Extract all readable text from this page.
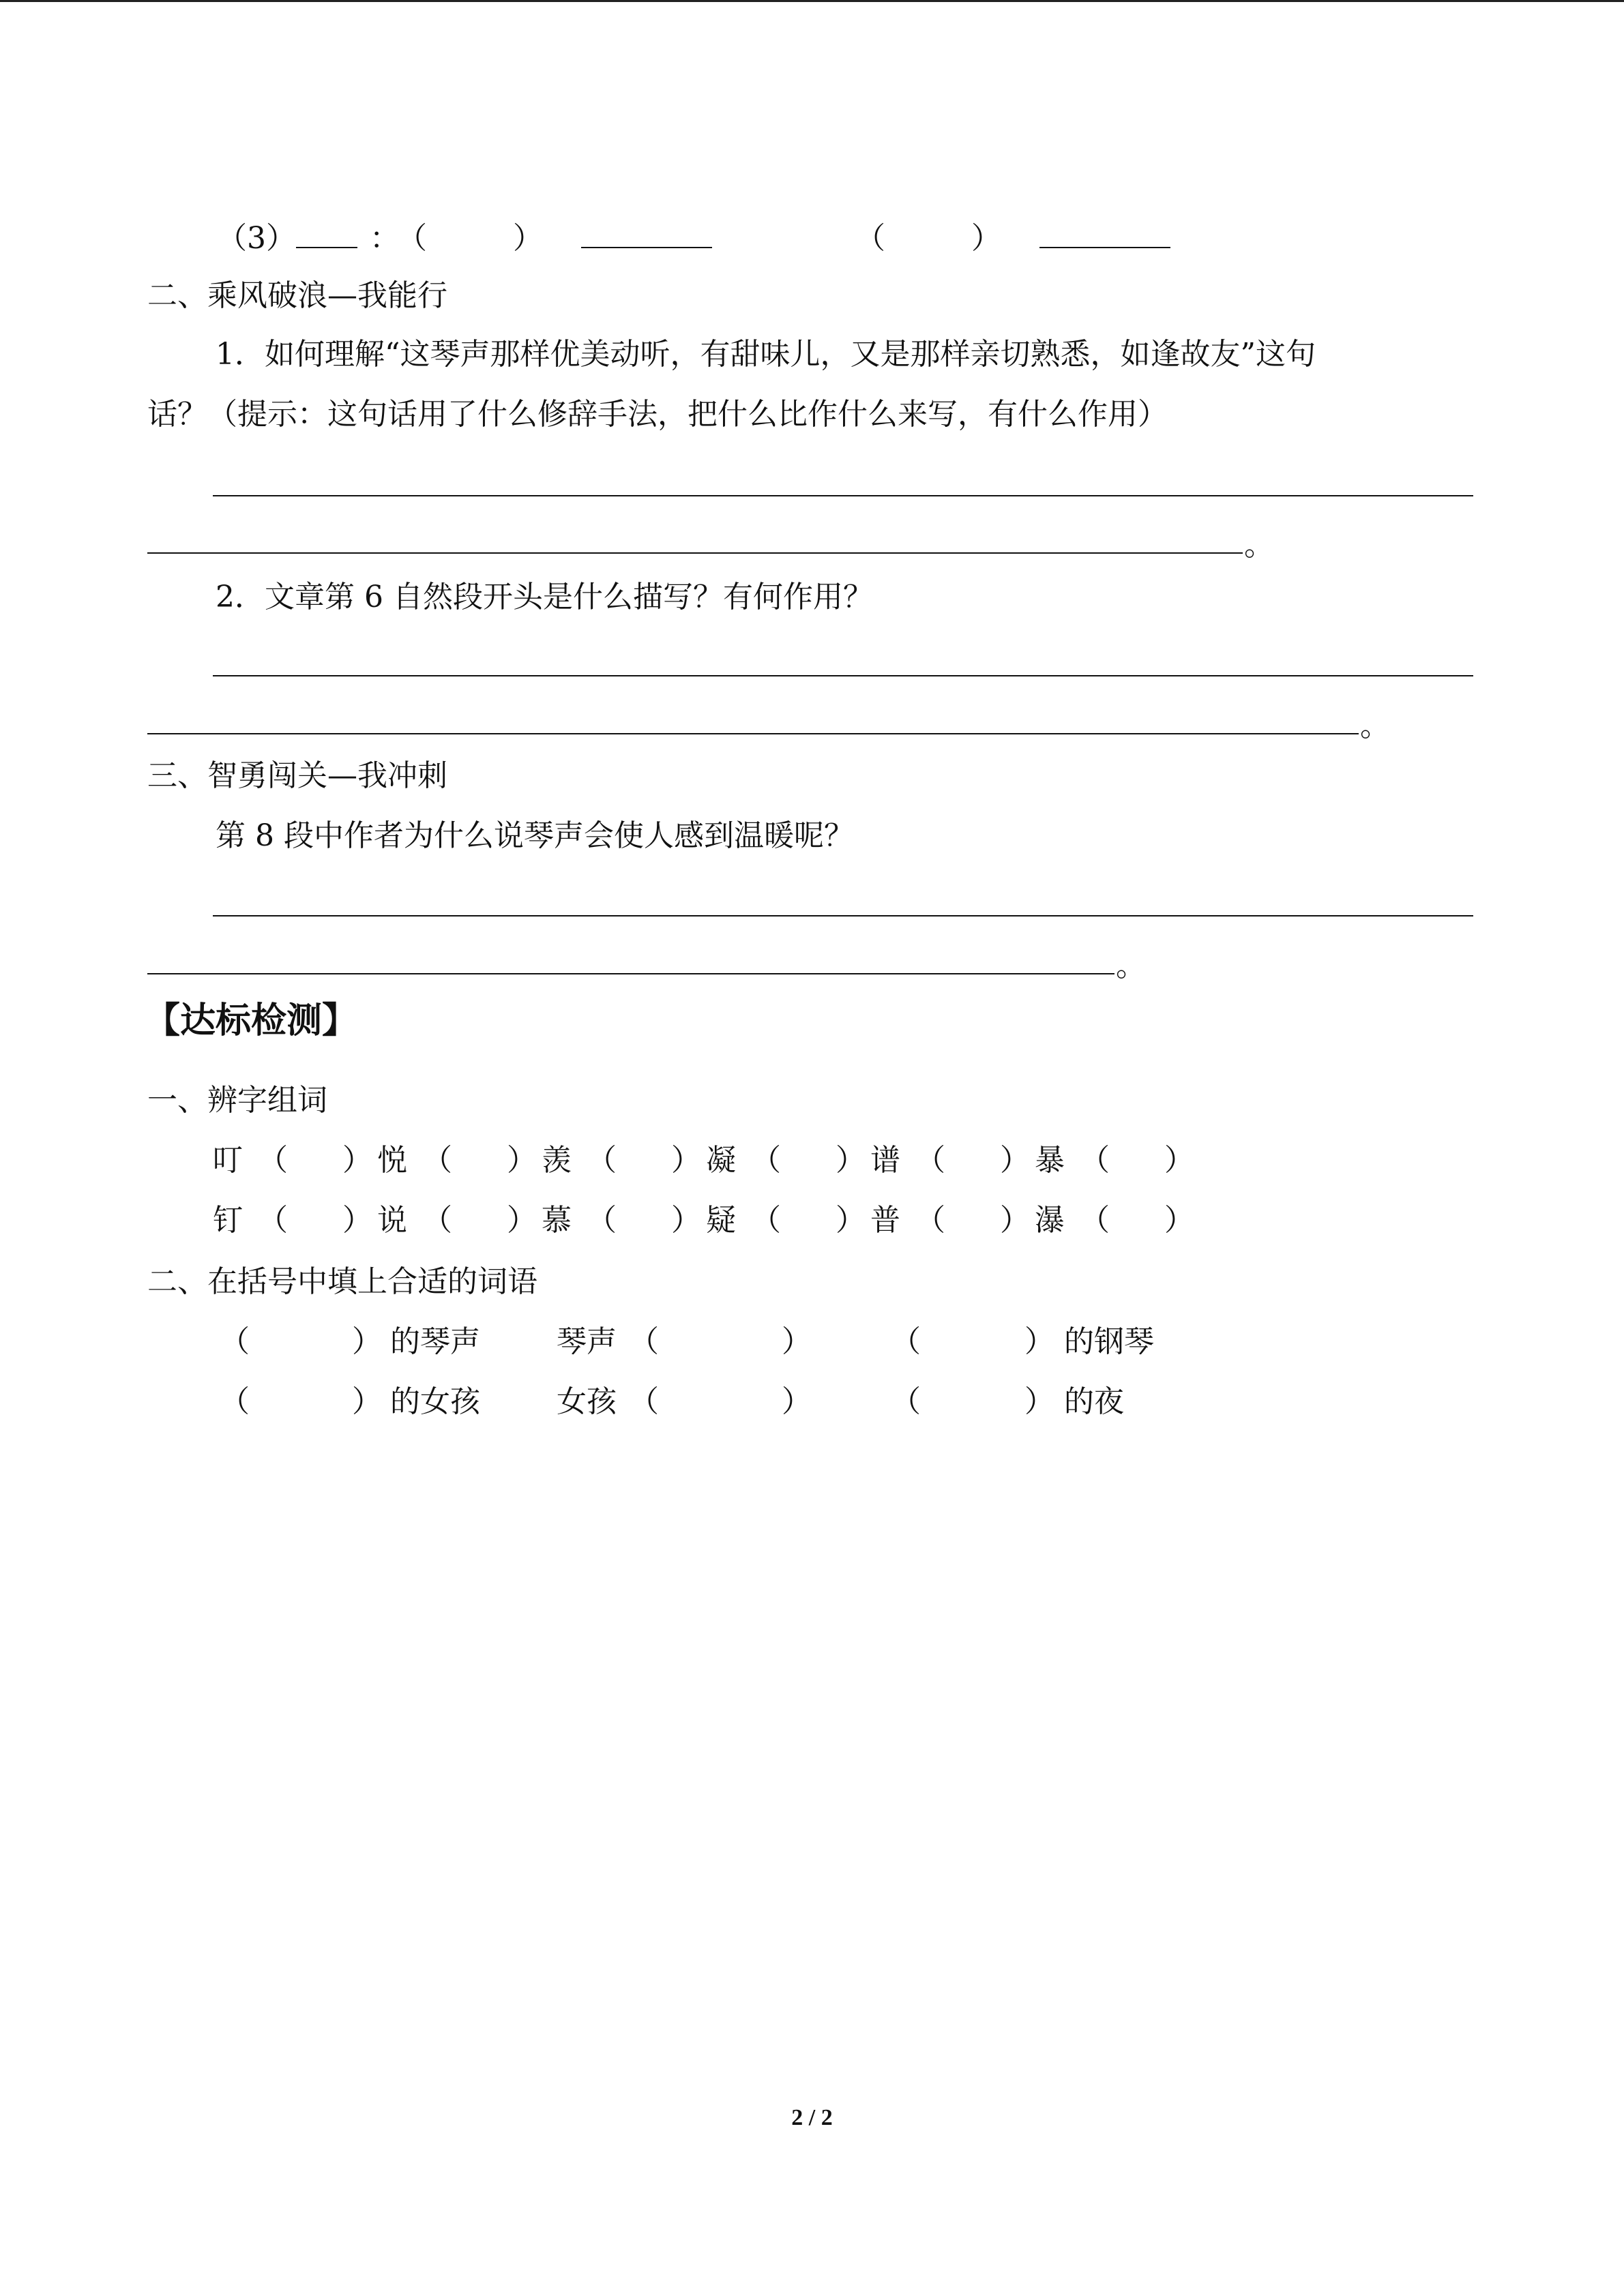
（3） ： （ ）	（ ）
二、乘风破浪—我能行
1．如何理解“这琴声那样优美动听，有甜味儿，又是那样亲切熟悉，如逢故友”这句
话？（提示：这句话用了什么修辞手法，把什么比作什么来写，有什么作用）
。
2．文章第 6 自然段开头是什么描写？有何作用？
。
三、智勇闯关—我冲刺
第 8 段中作者为什么说琴声会使人感到温暖呢？
。
【达标检测】
一、辨字组词
叮 （ ） 悦 （ ） 羡 （ ） 凝 （ ） 谱 （ ） 暴 （ ）
钉 （ ） 说 （ ） 慕 （ ） 疑 （ ） 普 （ ） 瀑 （ ）
二、在括号中填上合适的词语
（	） 的琴声	琴声 （	）	（	） 的钢琴
（	） 的女孩	女孩 （	）	（	） 的夜
2 / 2
